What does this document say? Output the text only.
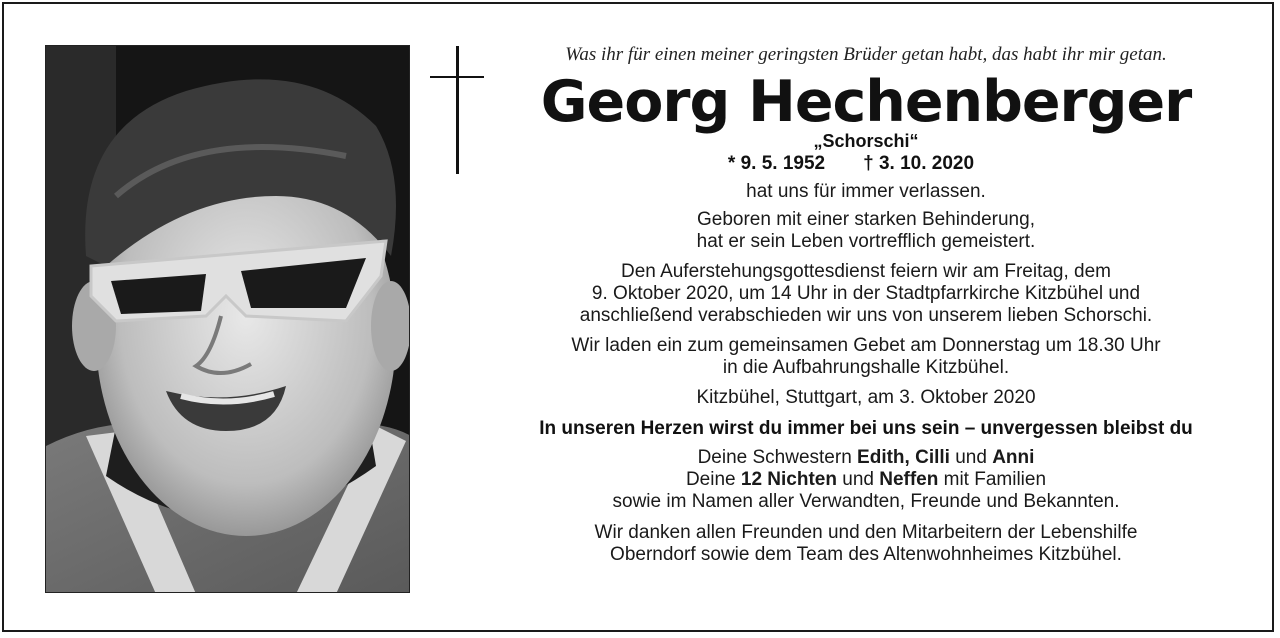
Was ihr für einen meiner geringsten Brüder getan habt, das habt ihr mir getan.
Georg Hechenberger
„Schorschi“
* 9. 5. 1952 † 3. 10. 2020
hat uns für immer verlassen.
Geboren mit einer starken Behinderung,
hat er sein Leben vortrefflich gemeistert.
Den Auferstehungsgottesdienst feiern wir am Freitag, dem
9. Oktober 2020, um 14 Uhr in der Stadtpfarrkirche Kitzbühel und
anschließend verabschieden wir uns von unserem lieben Schorschi.
Wir laden ein zum gemeinsamen Gebet am Donnerstag um 18.30 Uhr
in die Aufbahrungshalle Kitzbühel.
Kitzbühel, Stuttgart, am 3. Oktober 2020
In unseren Herzen wirst du immer bei uns sein – unvergessen bleibst du
Deine Schwestern Edith, Cilli und Anni
Deine 12 Nichten und Neffen mit Familien
sowie im Namen aller Verwandten, Freunde und Bekannten.
Wir danken allen Freunden und den Mitarbeitern der Lebenshilfe
Oberndorf sowie dem Team des Altenwohnheimes Kitzbühel.
